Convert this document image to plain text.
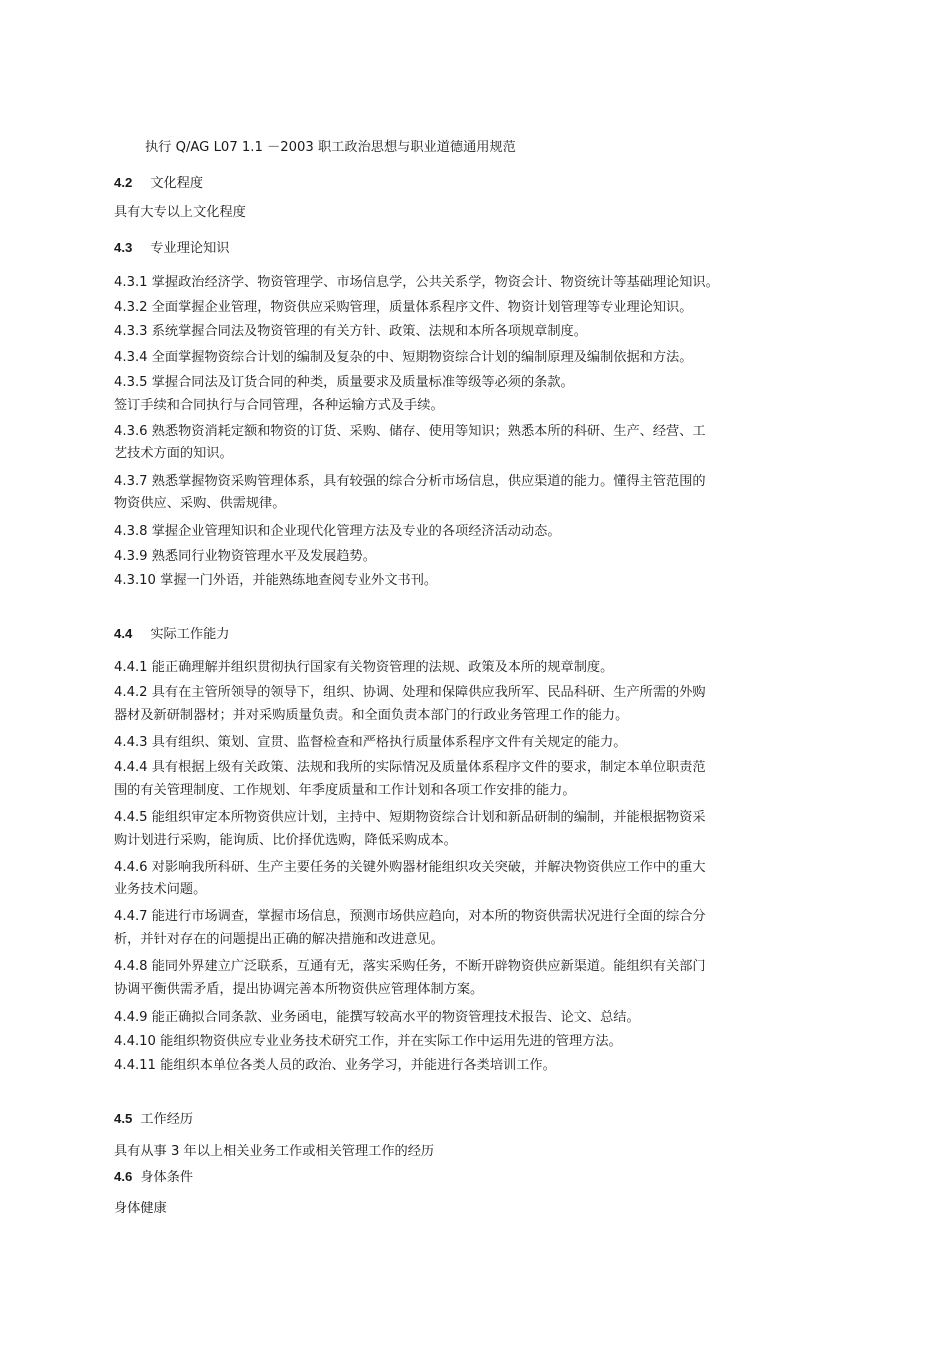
执行 Q/AG L07 1.1 －2003 职工政治思想与职业道德通用规范
4.2 文化程度
具有大专以上文化程度
4.3 专业理论知识
4.3.1 掌握政治经济学、物资管理学、市场信息学，公共关系学，物资会计、物资统计等基础理论知识。
4.3.2 全面掌握企业管理，物资供应采购管理，质量体系程序文件、物资计划管理等专业理论知识。
4.3.3 系统掌握合同法及物资管理的有关方针、政策、法规和本所各项规章制度。
4.3.4 全面掌握物资综合计划的编制及复杂的中、短期物资综合计划的编制原理及编制依据和方法。
4.3.5 掌握合同法及订货合同的种类，质量要求及质量标准等级等必须的条款。
签订手续和合同执行与合同管理，各种运输方式及手续。
4.3.6 熟悉物资消耗定额和物资的订货、采购、储存、使用等知识；熟悉本所的科研、生产、经营、工
艺技术方面的知识。
4.3.7 熟悉掌握物资采购管理体系，具有较强的综合分析市场信息，供应渠道的能力。懂得主管范围的
物资供应、采购、供需规律。
4.3.8 掌握企业管理知识和企业现代化管理方法及专业的各项经济活动动态。
4.3.9 熟悉同行业物资管理水平及发展趋势。
4.3.10 掌握一门外语，并能熟练地查阅专业外文书刊。
4.4 实际工作能力
4.4.1 能正确理解并组织贯彻执行国家有关物资管理的法规、政策及本所的规章制度。
4.4.2 具有在主管所领导的领导下，组织、协调、处理和保障供应我所军、民品科研、生产所需的外购
器材及新研制器材；并对采购质量负责。和全面负责本部门的行政业务管理工作的能力。
4.4.3 具有组织、策划、宣贯、监督检查和严格执行质量体系程序文件有关规定的能力。
4.4.4 具有根据上级有关政策、法规和我所的实际情况及质量体系程序文件的要求，制定本单位职责范
围的有关管理制度、工作规划、年季度质量和工作计划和各项工作安排的能力。
4.4.5 能组织审定本所物资供应计划，主持中、短期物资综合计划和新品研制的编制，并能根据物资采
购计划进行采购，能询质、比价择优选购，降低采购成本。
4.4.6 对影响我所科研、生产主要任务的关键外购器材能组织攻关突破，并解决物资供应工作中的重大
业务技术问题。
4.4.7 能进行市场调查，掌握市场信息，预测市场供应趋向，对本所的物资供需状况进行全面的综合分
析，并针对存在的问题提出正确的解决措施和改进意见。
4.4.8 能同外界建立广泛联系，互通有无，落实采购任务，不断开辟物资供应新渠道。能组织有关部门
协调平衡供需矛盾，提出协调完善本所物资供应管理体制方案。
4.4.9 能正确拟合同条款、业务函电，能撰写较高水平的物资管理技术报告、论文、总结。
4.4.10 能组织物资供应专业业务技术研究工作，并在实际工作中运用先进的管理方法。
4.4.11 能组织本单位各类人员的政治、业务学习，并能进行各类培训工作。
4.5 工作经历
具有从事 3 年以上相关业务工作或相关管理工作的经历
4.6 身体条件
身体健康
